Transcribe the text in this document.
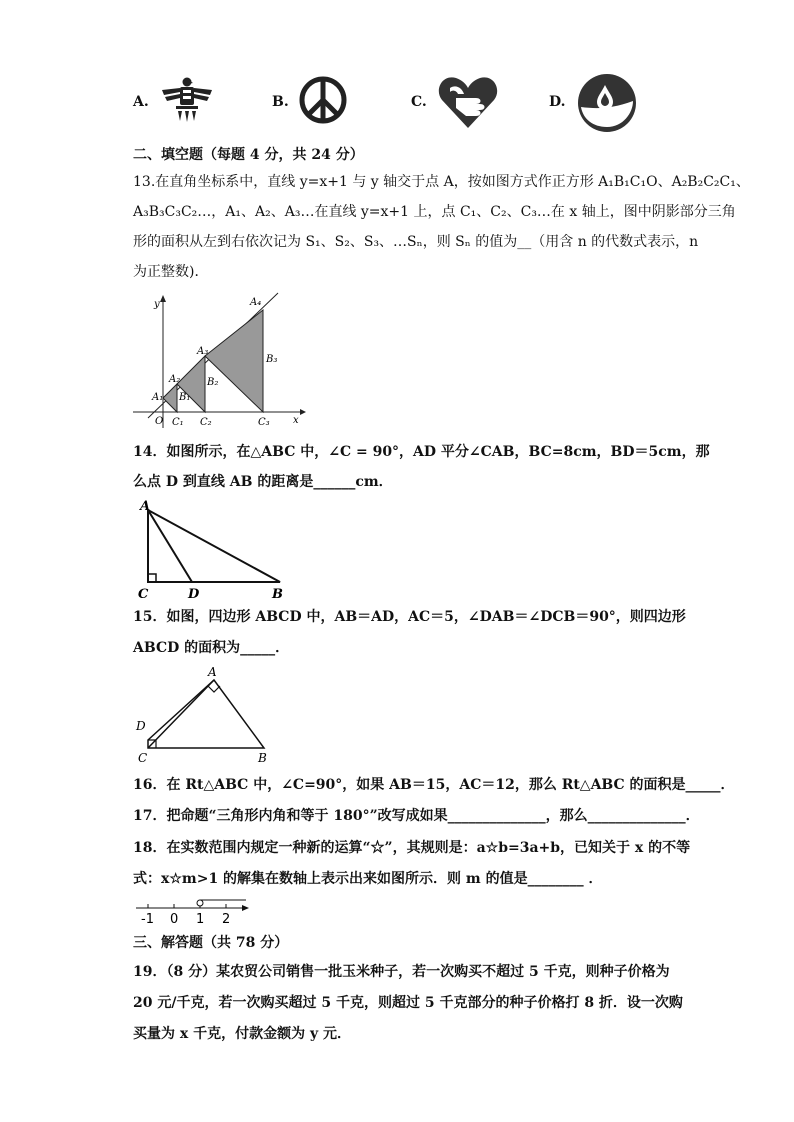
A.	B.	C.	D.
二、填空题（每题 4 分，共 24 分）
13.在直角坐标系中，直线 y=x+1 与 y 轴交于点 A，按如图方式作正方形 A₁B₁C₁O、A₂B₂C₂C₁、
A₃B₃C₃C₂…，A₁、A₂、A₃…在直线 y=x+1 上，点 C₁、C₂、C₃…在 x 轴上，图中阴影部分三角
形的面积从左到右依次记为 S₁、S₂、S₃、…Sₙ，则 Sₙ 的值为__（用含 n 的代数式表示，n
为正整数)．
y
x
O
A₁
A₂
A₃
A₄
B₁
B₂
B₃
C₁ C₂	C₃
14．如图所示，在△ABC 中，∠C = 90°，AD 平分∠CAB，BC=8cm，BD＝5cm，那
么点 D 到直线 AB 的距离是______cm．
A
C	D	B
15．如图，四边形 ABCD 中，AB＝AD，AC＝5，∠DAB＝∠DCB＝90°，则四边形
ABCD 的面积为_____．
A
D
C	B
16．在 Rt△ABC 中，∠C=90°，如果 AB＝15，AC＝12，那么 Rt△ABC 的面积是_____．
17．把命题“三角形内角和等于 180°”改写成如果______________，那么______________．
18．在实数范围内规定一种新的运算“☆”，其规则是：a☆b=3a+b，已知关于 x 的不等
式：x☆m>1 的解集在数轴上表示出来如图所示．则 m 的值是________ ．
-1 0 1 2
三、解答题（共 78 分）
19．（8 分）某农贸公司销售一批玉米种子，若一次购买不超过 5 千克，则种子价格为
20 元/千克，若一次购买超过 5 千克，则超过 5 千克部分的种子价格打 8 折．设一次购
买量为 x 千克，付款金额为 y 元．
